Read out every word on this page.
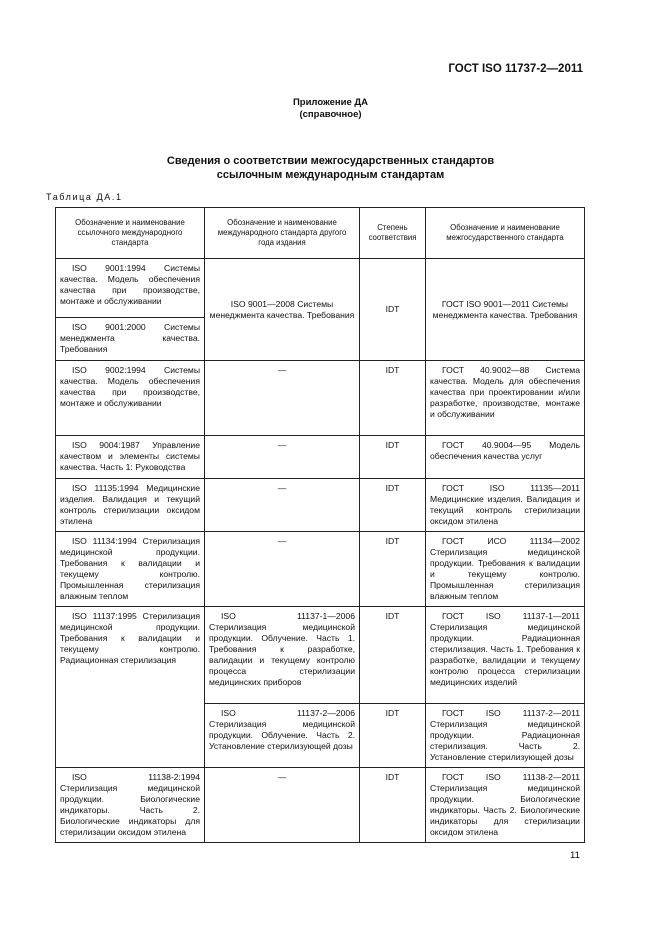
ГОСТ ISO 11737-2—2011
Приложение ДА
(справочное)
Сведения о соответствии межгосударственных стандартов
ссылочным международным стандартам
Таблица ДА.1
Обозначение и наименование ссылочного международного стандарта	Обозначение и наименование международного стандарта другого года издания	Степень соответствия	Обозначение и наименование межгосударственного стандарта
ISO 9001:1994 Системы качества. Модель обеспечения качества при производстве, монтаже и обслуживании	ISO 9001—2008 Системы менеджмента качества. Требования	IDT	ГОСТ ISO 9001—2011 Системы менеджмента качества. Требования
ISO 9001:2000 Системы менеджмента качества. Требования			
ISO 9002:1994 Системы качества. Модель обеспечения качества при производстве, монтаже и обслуживании	—	IDT	ГОСТ 40.9002—88 Система качества. Модель для обеспечения качества при проектировании и/или разработке, производстве, монтаже и обслуживании
ISO 9004:1987 Управление качеством и элементы системы качества. Часть 1: Руководства	—	IDT	ГОСТ 40.9004—95 Модель обеспечения качества услуг
ISO 11135:1994 Медицинские изделия. Валидация и текущий контроль стерилизации оксидом этилена	—	IDT	ГОСТ ISO 11135—2011 Медицинские изделия. Валидация и текущий контроль стерилизации оксидом этилена
ISO 11134:1994 Стерилизация медицинской продукции. Требования к валидации и текущему контролю. Промышленная стерилизация влажным теплом	—	IDT	ГОСТ ИСО 11134—2002 Стерилизация медицинской продукции. Требования к валидации и текущему контролю. Промышленная стерилизация влажным теплом
ISO 11137:1995 Стерилизация медицинской продукции. Требования к валидации и текущему контролю. Радиационная стерилизация	ISO 11137-1—2006 Стерилизация медицинской продукции. Облучение. Часть 1. Требования к разработке, валидации и текущему контролю процесса стерилизации медицинских приборов	IDT	ГОСТ ISO 11137-1—2011 Стерилизация медицинской продукции. Радиационная стерилизация. Часть 1. Требования к разработке, валидации и текущему контролю процесса стерилизации медицинских изделий
	ISO 11137-2—2006 Стерилизация медицинской продукции. Облучение. Часть 2. Установление стерилизующей дозы	IDT	ГОСТ ISO 11137-2—2011 Стерилизация медицинской продукции. Радиационная стерилизация. Часть 2. Установление стерилизующей дозы
ISO 11138-2:1994 Стерилизация медицинской продукции. Биологические индикаторы. Часть 2. Биологические индикаторы для стерилизации оксидом этилена	—	IDT	ГОСТ ISO 11138-2—2011 Стерилизация медицинской продукции. Биологические индикаторы. Часть 2. Биологические индикаторы для стерилизации оксидом этилена
11
